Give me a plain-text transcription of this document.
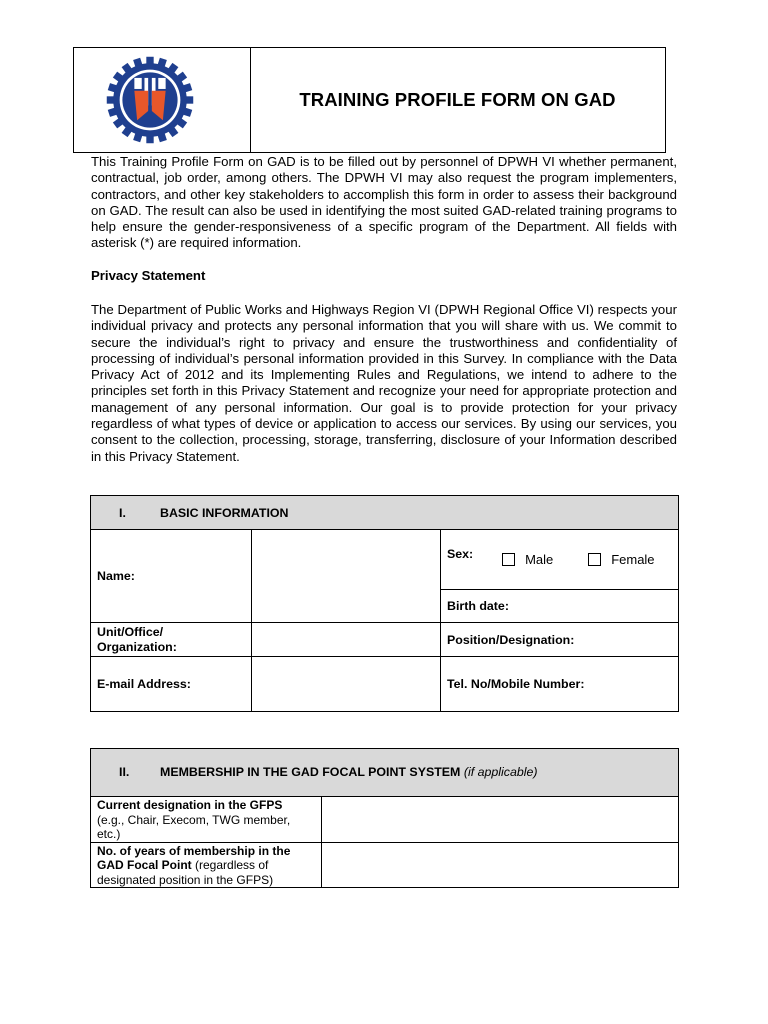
TRAINING PROFILE FORM ON GAD

This Training Profile Form on GAD is to be filled out by personnel of DPWH VI whether permanent, contractual, job order, among others. The DPWH VI may also request the program implementers, contractors, and other key stakeholders to accomplish this form in order to assess their background on GAD. The result can also be used in identifying the most suited GAD-related training programs to help ensure the gender-responsiveness of a specific program of the Department. All fields with asterisk (*) are required information.

Privacy Statement

The Department of Public Works and Highways Region VI (DPWH Regional Office VI) respects your individual privacy and protects any personal information that you will share with us. We commit to secure the individual’s right to privacy and ensure the trustworthiness and confidentiality of processing of individual’s personal information provided in this Survey. In compliance with the Data Privacy Act of 2012 and its Implementing Rules and Regulations, we intend to adhere to the principles set forth in this Privacy Statement and recognize your need for appropriate protection and management of any personal information. Our goal is to provide protection for your privacy regardless of what types of device or application to access our services. By using our services, you consent to the collection, processing, storage, transferring, disclosure of your Information described in this Privacy Statement.

I. BASIC INFORMATION		
Name:		Sex: Male Female
		Birth date:
Unit/Office/
Organization:		Position/Designation:
E-mail Address:		Tel. No/Mobile Number:
II. MEMBERSHIP IN THE GAD FOCAL POINT SYSTEM (if applicable)	
Current designation in the GFPS
(e.g., Chair, Execom, TWG member, etc.)	
No. of years of membership in the GAD Focal Point (regardless of designated position in the GFPS)	
